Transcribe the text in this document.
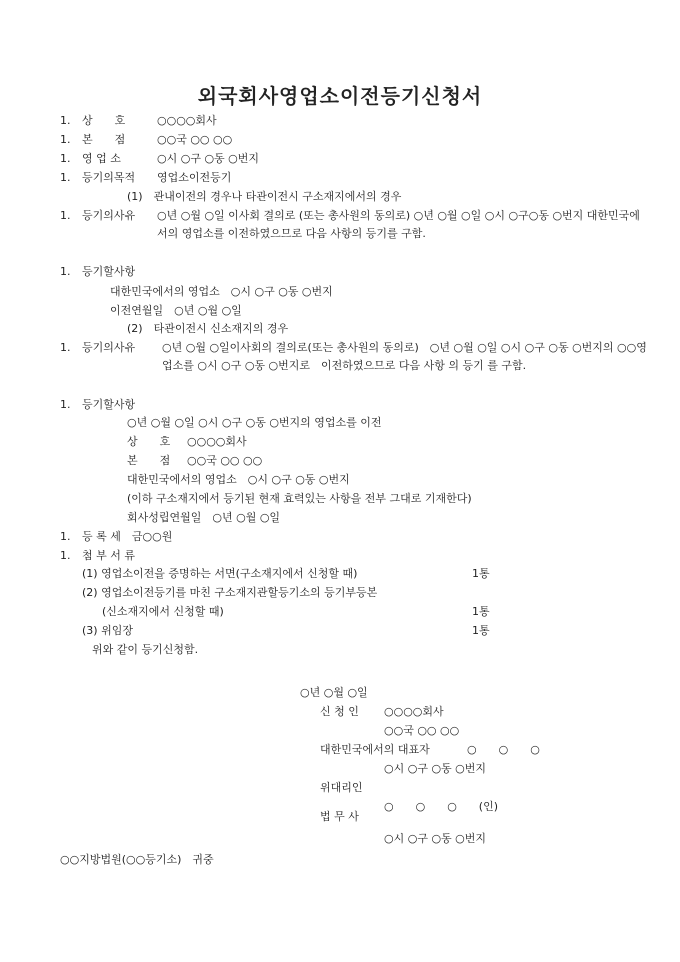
외국회사영업소이전등기신청서
1. 상　　호	○○○○회사
1. 본　　점	○○국 ○○ ○○
1. 영 업 소	○시 ○구 ○동 ○번지
1. 등기의목적 영업소이전등기
(1)　관내이전의 경우나 타관이전시 구소재지에서의 경우
1. 등기의사유 ○년 ○월 ○일 이사회 결의로 (또는 총사원의 동의로) ○년 ○월 ○일 ○시 ○구○동 ○번지 대한민국에서의 영업소를 이전하였으므로 다음 사항의 등기를 구함.
1. 등기할사항
대한민국에서의 영업소　○시 ○구 ○동 ○번지
이전연월일　○년 ○월 ○일
(2)　타관이전시 신소재지의 경우
1. 등기의사유 ○년 ○월 ○일이사회의 결의로(또는 총사원의 동의로)　○년 ○월 ○일 ○시 ○구 ○동 ○번지의 ○○영업소를 ○시 ○구 ○동 ○번지로　이전하였으므로 다음 사항 의 등기 를 구함.
1. 등기할사항
○년 ○월 ○일 ○시 ○구 ○동 ○번지의 영업소를 이전
상　　호 ○○○○회사
본　　점 ○○국 ○○ ○○
대한민국에서의 영업소　○시 ○구 ○동 ○번지
(이하 구소재지에서 등기된 현재 효력있는 사항을 전부 그대로 기재한다)
회사성립연월일　○년 ○월 ○일
1. 등 록 세　금○○원
1. 첨 부 서 류
(1) 영업소이전을 증명하는 서면(구소재지에서 신청할 때)	1통
(2) 영업소이전등기를 마친 구소재지관할등기소의 등기부등본
(신소재지에서 신청할 때)	1통
(3) 위임장	1통
위와 같이 등기신청함.
○년 ○월 ○일
신 청 인 ○○○○회사
○○국 ○○ ○○
대한민국에서의 대표자	○　　○　　○
○시 ○구 ○동 ○번지
위대리인
○　　○　　○　　(인)
법 무 사
○시 ○구 ○동 ○번지
○○지방법원(○○등기소)　귀중
